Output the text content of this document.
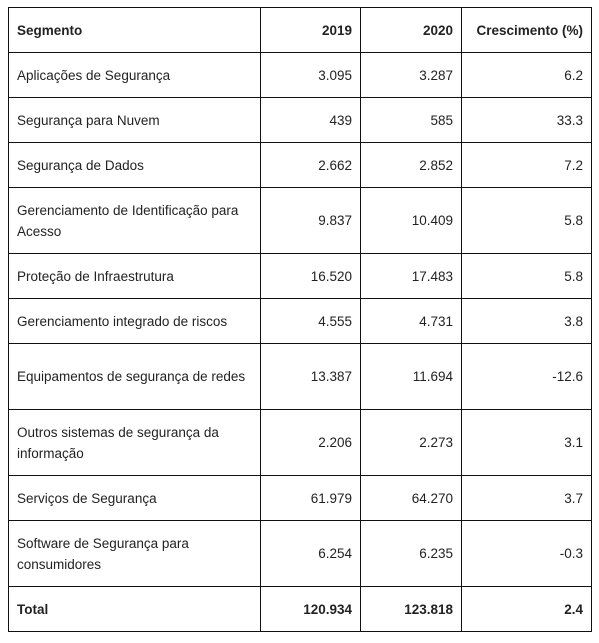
Segmento	2019	2020	Crescimento (%)
Aplicações de Segurança	3.095	3.287	6.2
Segurança para Nuvem	439	585	33.3
Segurança de Dados	2.662	2.852	7.2
Gerenciamento de Identificação para Acesso	9.837	10.409	5.8
Proteção de Infraestrutura	16.520	17.483	5.8
Gerenciamento integrado de riscos	4.555	4.731	3.8
Equipamentos de segurança de redes	13.387	11.694	-12.6
Outros sistemas de segurança da informação	2.206	2.273	3.1
Serviços de Segurança	61.979	64.270	3.7
Software de Segurança para consumidores	6.254	6.235	-0.3
Total	120.934	123.818	2.4
